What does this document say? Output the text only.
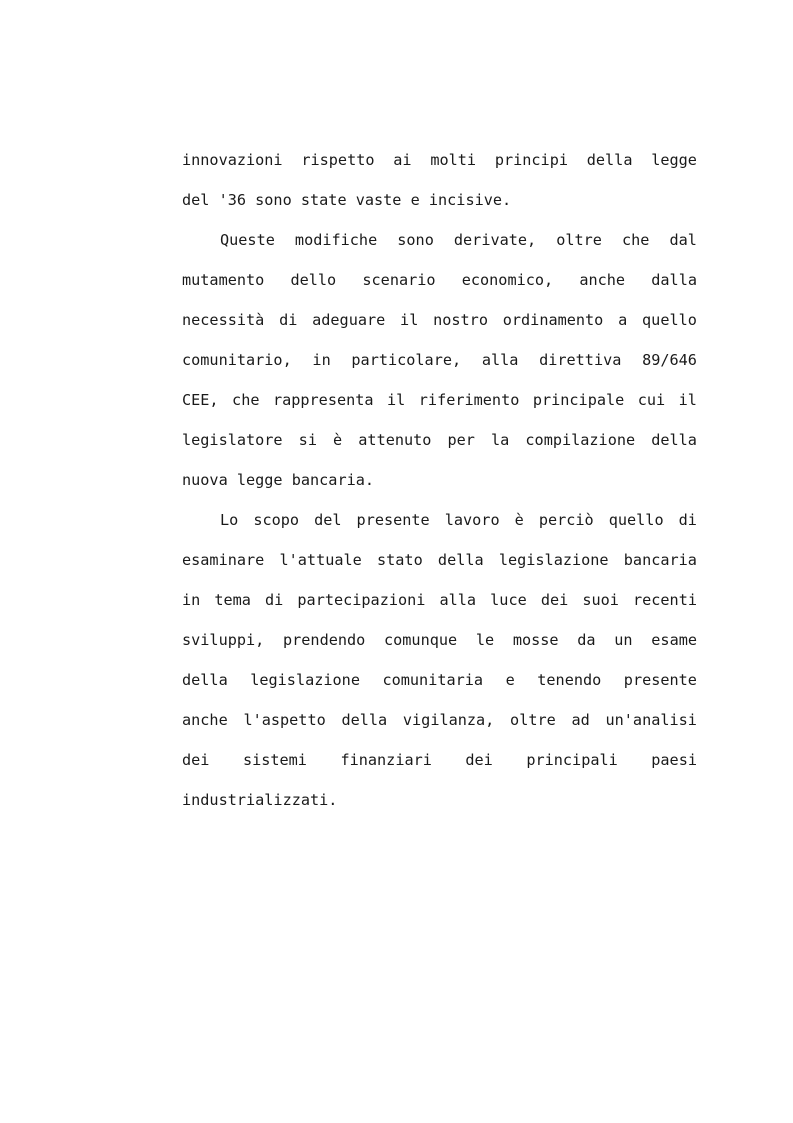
innovazioni rispetto ai molti principi della legge
del '36 sono state vaste e incisive.
Queste modifiche sono derivate, oltre che dal
mutamento dello scenario economico, anche dalla
necessità di adeguare il nostro ordinamento a quello
comunitario, in particolare, alla direttiva 89/646
CEE, che rappresenta il riferimento principale cui il
legislatore si è attenuto per la compilazione della
nuova legge bancaria.
Lo scopo del presente lavoro è perciò quello di
esaminare l'attuale stato della legislazione bancaria
in tema di partecipazioni alla luce dei suoi recenti
sviluppi, prendendo comunque le mosse da un esame
della legislazione comunitaria e tenendo presente
anche l'aspetto della vigilanza, oltre ad un'analisi
dei sistemi finanziari dei principali paesi
industrializzati.
